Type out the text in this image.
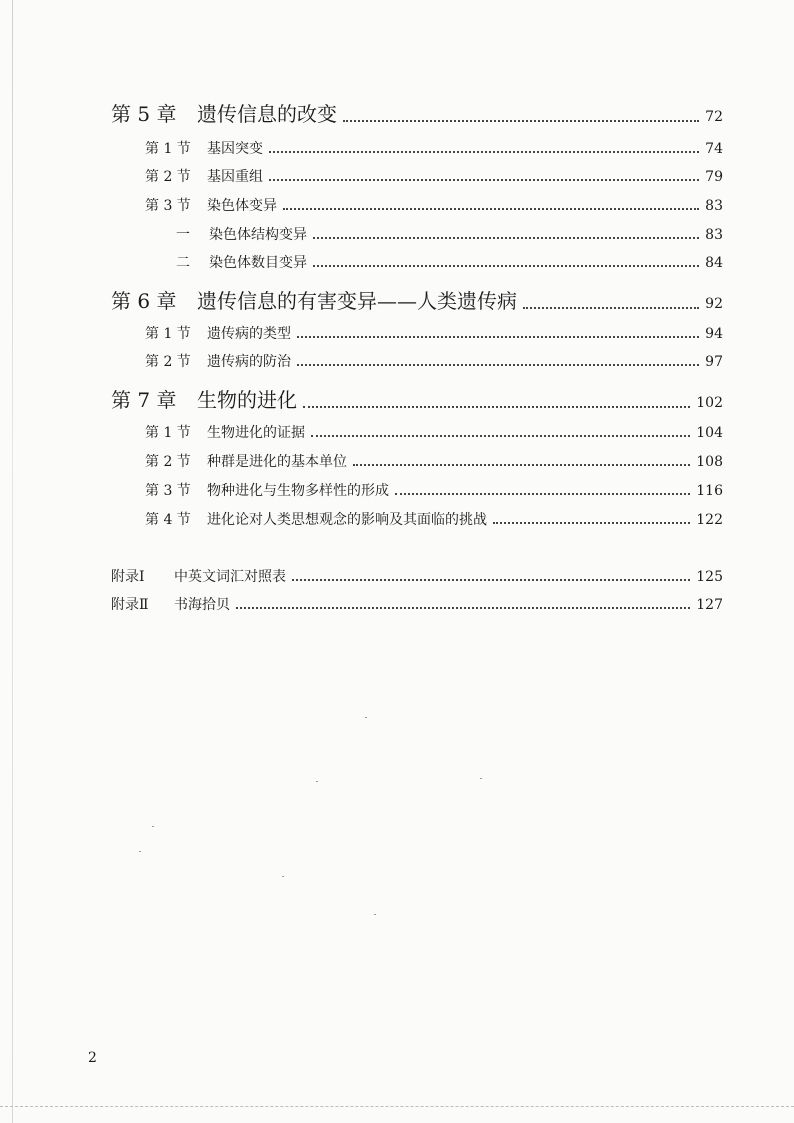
第 5 章	遗传信息的改变	72
第 1 节	基因突变	74
第 2 节	基因重组	79
第 3 节	染色体变异	83
一	染色体结构变异	83
二	染色体数目变异	84
第 6 章	遗传信息的有害变异——人类遗传病	92
第 1 节	遗传病的类型	94
第 2 节	遗传病的防治	97
第 7 章	生物的进化	102
第 1 节	生物进化的证据	104
第 2 节	种群是进化的基本单位	108
第 3 节	物种进化与生物多样性的形成	116
第 4 节	进化论对人类思想观念的影响及其面临的挑战	122
附录Ⅰ	中英文词汇对照表	125
附录Ⅱ	书海拾贝	127
2
